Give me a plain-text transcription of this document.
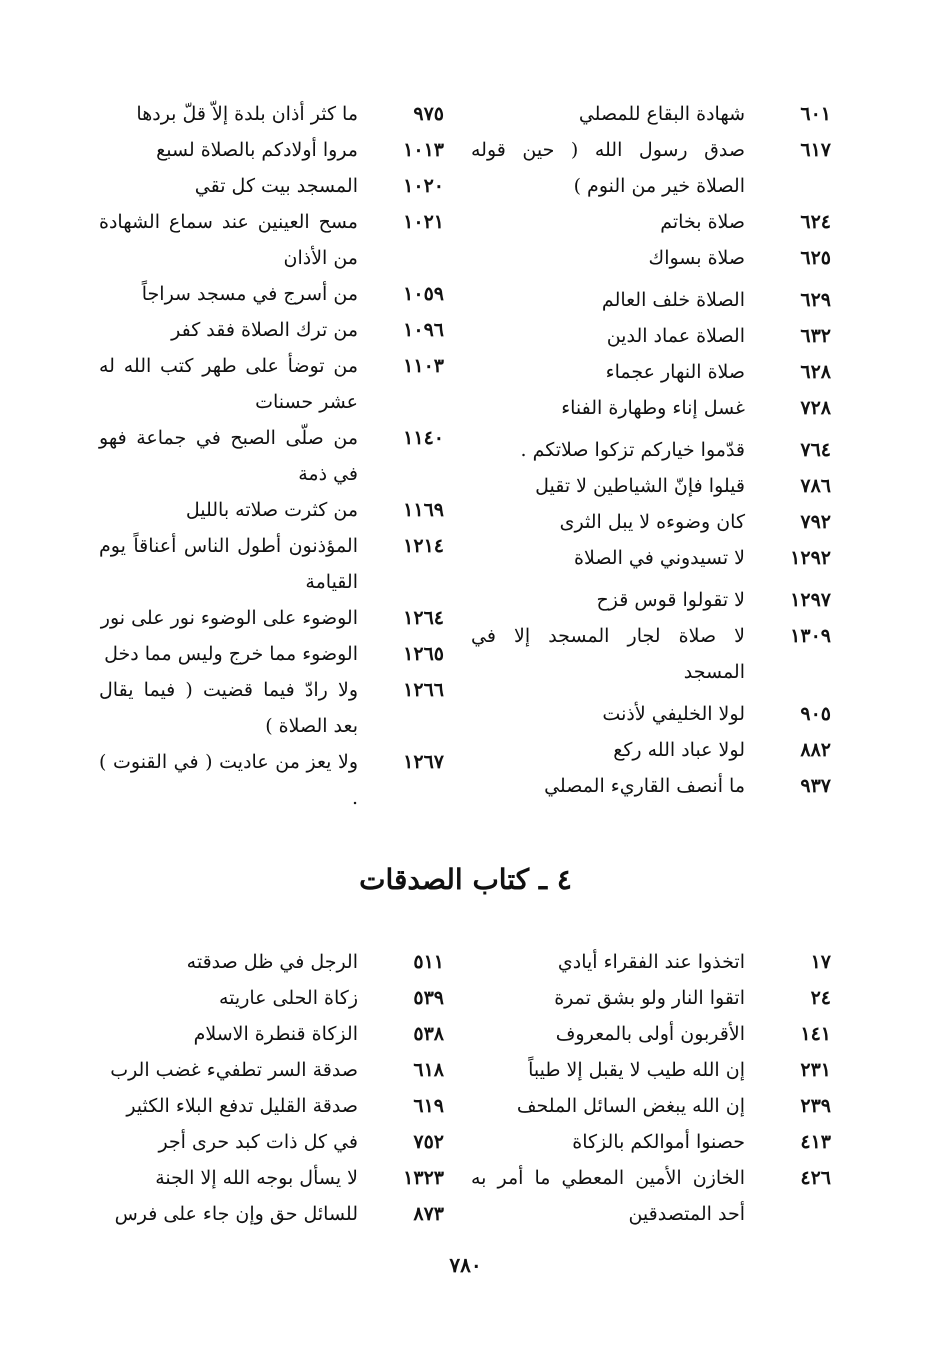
٦٠١
شهادة البقاع للمصلي
٦١٧
صدق رسول الله ( حين قوله الصلاة خير من النوم )
٦٢٤
صلاة بخاتم
٦٢٥
صلاة بسواك
٦٢٩
الصلاة خلف العالم
٦٣٢
الصلاة عماد الدين
٦٢٨
صلاة النهار عجماء
٧٢٨
غسل إناء وطهارة الفناء
٧٦٤
قدّموا خياركم تزكوا صلاتكم .
٧٨٦
قيلوا فإنّ الشياطين لا تقيل
٧٩٢
كان وضوءه لا يبل الثرى
١٢٩٢
لا تسيدوني في الصلاة
١٢٩٧
لا تقولوا قوس قزح
١٣٠٩
لا صلاة لجار المسجد إلا في المسجد
٩٠٥
لولا الخليفي لأذنت
٨٨٢
لولا عباد الله ركع
٩٣٧
ما أنصف القاريء المصلي
٩٧٥
ما كثر أذان بلدة إلاّ قلّ بردها
١٠١٣
مروا أولادكم بالصلاة لسبع
١٠٢٠
المسجد بيت كل تقي
١٠٢١
مسح العينين عند سماع الشهادة من الأذان
١٠٥٩
من أسرج في مسجد سراجاً
١٠٩٦
من ترك الصلاة فقد كفر
١١٠٣
من توضأ على طهر كتب الله له عشر حسنات
١١٤٠
من صلّى الصبح في جماعة فهو في ذمة
١١٦٩
من كثرت صلاته بالليل
١٢١٤
المؤذنون أطول الناس أعناقاً يوم القيامة
١٢٦٤
الوضوء على الوضوء نور على نور
١٢٦٥
الوضوء مما خرج وليس مما دخل
١٢٦٦
ولا رادّ فيما قضيت ( فيما يقال بعد الصلاة )
١٢٦٧
ولا يعز من عاديت ( في القنوت ) .
٤ ـ كتاب الصدقات
١٧
اتخذوا عند الفقراء أيادي
٢٤
اتقوا النار ولو بشق تمرة
١٤١
الأقربون أولى بالمعروف
٢٣١
إن الله طيب لا يقبل إلا طيباً
٢٣٩
إن الله يبغض السائل الملحف
٤١٣
حصنوا أموالكم بالزكاة
٤٢٦
الخازن الأمين المعطي ما أمر به أحد المتصدقين
٥١١
الرجل في ظل صدقته
٥٣٩
زكاة الحلى عاريته
٥٣٨
الزكاة قنطرة الاسلام
٦١٨
صدقة السر تطفيء غضب الرب
٦١٩
صدقة القليل تدفع البلاء الكثير
٧٥٢
في كل ذات كبد حرى أجر
١٣٢٣
لا يسأل بوجه الله إلا الجنة
٨٧٣
للسائل حق وإن جاء على فرس
٧٨٠
